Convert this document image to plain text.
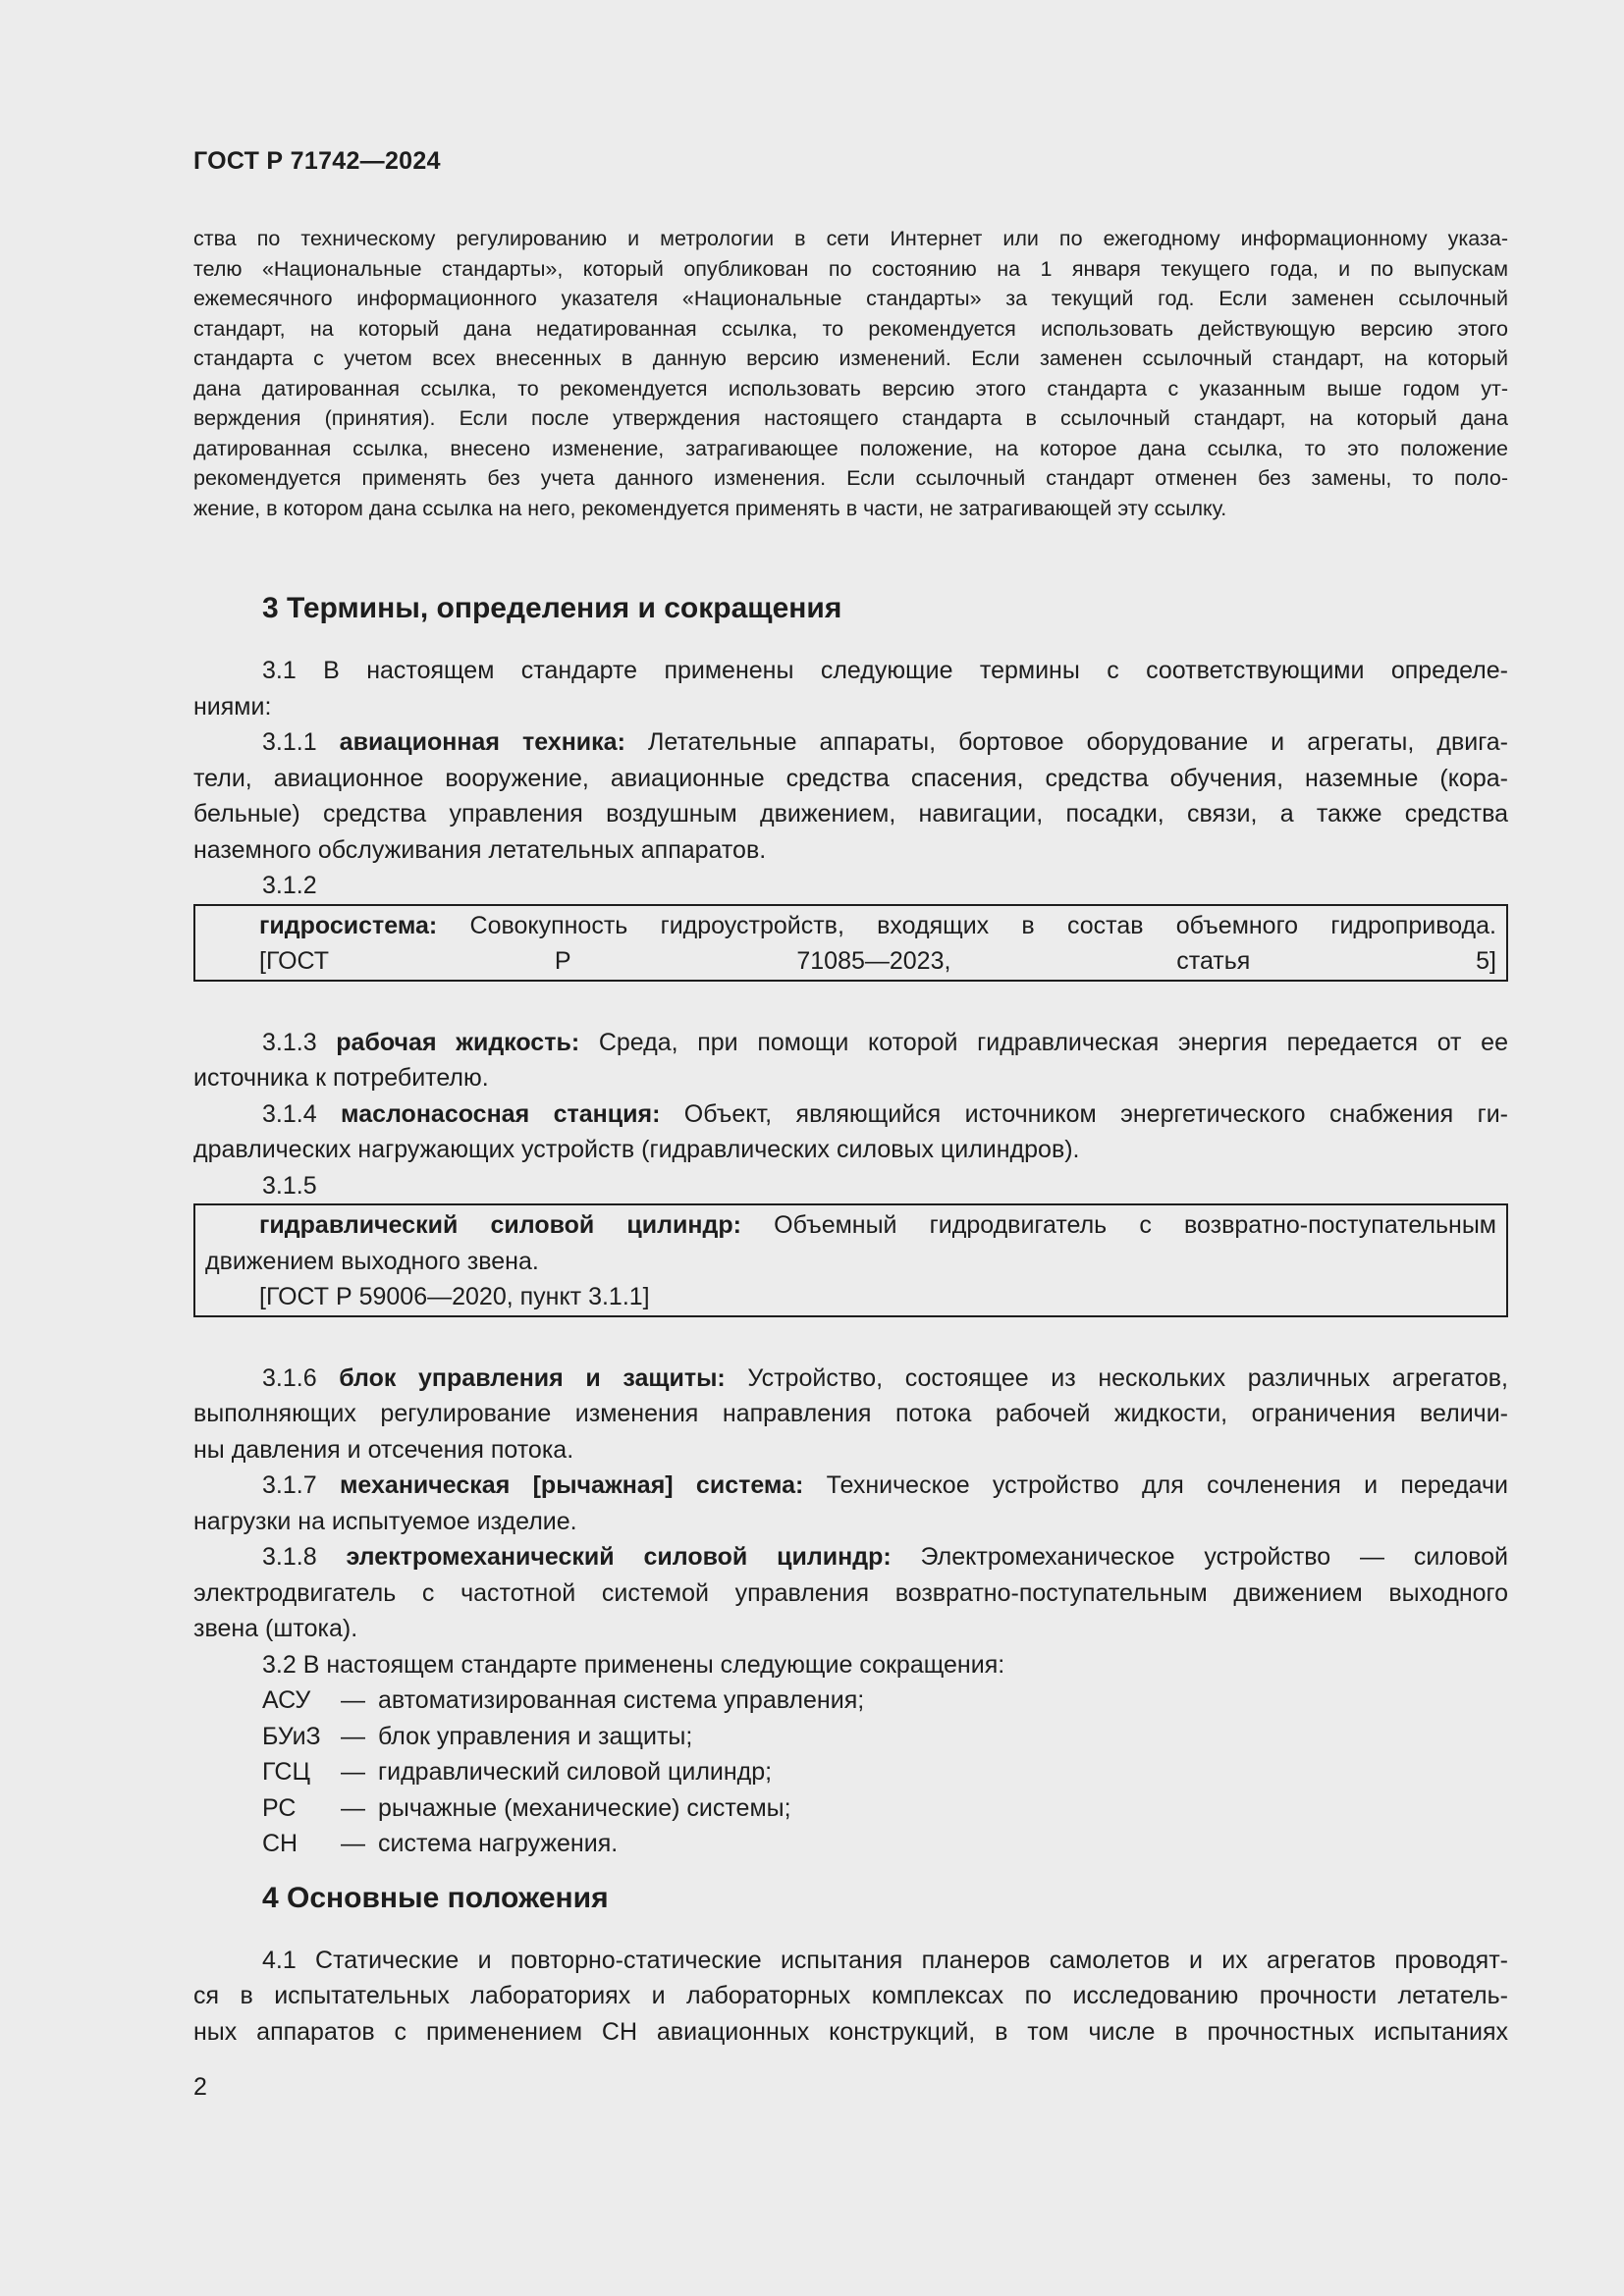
ГОСТ Р 71742—2024
ства по техническому регулированию и метрологии в сети Интернет или по ежегодному информационному указа-
телю «Национальные стандарты», который опубликован по состоянию на 1 января текущего года, и по выпускам
ежемесячного информационного указателя «Национальные стандарты» за текущий год. Если заменен ссылочный
стандарт, на который дана недатированная ссылка, то рекомендуется использовать действующую версию этого
стандарта с учетом всех внесенных в данную версию изменений. Если заменен ссылочный стандарт, на который
дана датированная ссылка, то рекомендуется использовать версию этого стандарта с указанным выше годом ут-
верждения (принятия). Если после утверждения настоящего стандарта в ссылочный стандарт, на который дана
датированная ссылка, внесено изменение, затрагивающее положение, на которое дана ссылка, то это положение
рекомендуется применять без учета данного изменения. Если ссылочный стандарт отменен без замены, то поло-
жение, в котором дана ссылка на него, рекомендуется применять в части, не затрагивающей эту ссылку.
3 Термины, определения и сокращения
3.1 В настоящем стандарте применены следующие термины с соответствующими определе-
ниями:
3.1.1 авиационная техника: Летательные аппараты, бортовое оборудование и агрегаты, двига-
тели, авиационное вооружение, авиационные средства спасения, средства обучения, наземные (кора-
бельные) средства управления воздушным движением, навигации, посадки, связи, а также средства
наземного обслуживания летательных аппаратов.
3.1.2
гидросистема: Совокупность гидроустройств, входящих в состав объемного гидропривода.
[ГОСТ Р 71085—2023, статья 5]
3.1.3 рабочая жидкость: Среда, при помощи которой гидравлическая энергия передается от ее
источника к потребителю.
3.1.4 маслонасосная станция: Объект, являющийся источником энергетического снабжения ги-
дравлических нагружающих устройств (гидравлических силовых цилиндров).
3.1.5
гидравлический силовой цилиндр: Объемный гидродвигатель с возвратно-поступательным
движением выходного звена.
[ГОСТ Р 59006—2020, пункт 3.1.1]
3.1.6 блок управления и защиты: Устройство, состоящее из нескольких различных агрегатов,
выполняющих регулирование изменения направления потока рабочей жидкости, ограничения величи-
ны давления и отсечения потока.
3.1.7 механическая [рычажная] система: Техническое устройство для сочленения и передачи
нагрузки на испытуемое изделие.
3.1.8 электромеханический силовой цилиндр: Электромеханическое устройство — силовой
электродвигатель с частотной системой управления возвратно-поступательным движением выходного
звена (штока).
3.2 В настоящем стандарте применены следующие сокращения:
АСУ	— автоматизированная система управления;
БУиЗ — блок управления и защиты;
ГСЦ	— гидравлический силовой цилиндр;
РС	— рычажные (механические) системы;
СН	— система нагружения.
4 Основные положения
4.1 Статические и повторно-статические испытания планеров самолетов и их агрегатов проводят-
ся в испытательных лабораториях и лабораторных комплексах по исследованию прочности летатель-
ных аппаратов с применением СН авиационных конструкций, в том числе в прочностных испытаниях
2
